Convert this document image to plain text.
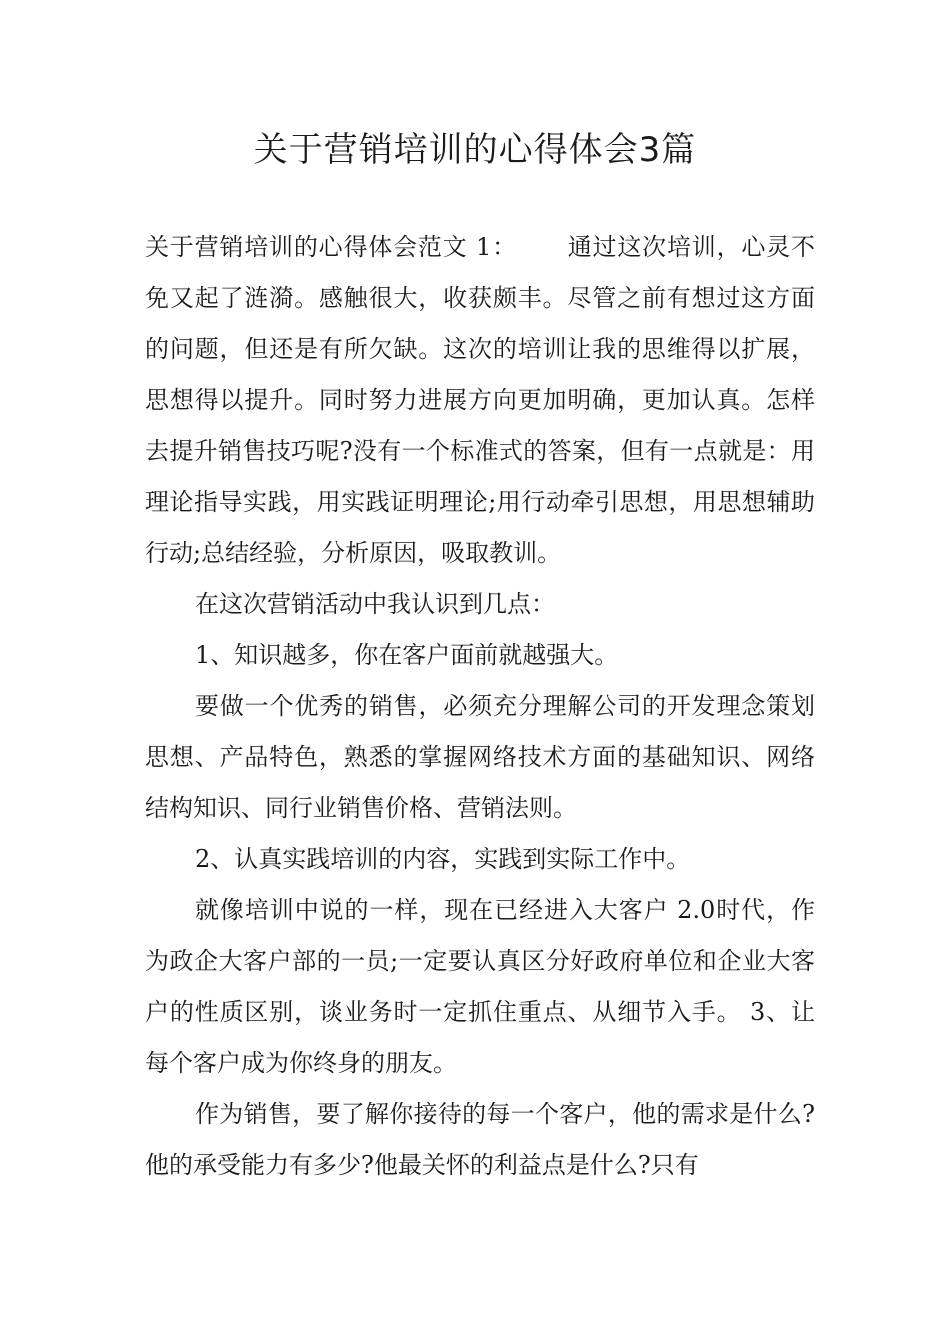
关于营销培训的心得体会3篇

关于营销培训的心得体会范文 1： 通过这次培训，心灵不免又起了涟漪。感触很大，收获颇丰。尽管之前有想过这方面的问题，但还是有所欠缺。这次的培训让我的思维得以扩展，思想得以提升。同时努力进展方向更加明确，更加认真。怎样去提升销售技巧呢?没有一个标准式的答案，但有一点就是：用理论指导实践，用实践证明理论;用行动牵引思想，用思想辅助行动;总结经验，分析原因，吸取教训。

在这次营销活动中我认识到几点：

1、知识越多，你在客户面前就越强大。

要做一个优秀的销售，必须充分理解公司的开发理念策划思想、产品特色，熟悉的掌握网络技术方面的基础知识、网络结构知识、同行业销售价格、营销法则。

2、认真实践培训的内容，实践到实际工作中。

就像培训中说的一样，现在已经进入大客户 2.0时代，作为政企大客户部的一员;一定要认真区分好政府单位和企业大客户的性质区别，谈业务时一定抓住重点、从细节入手。 3、让每个客户成为你终身的朋友。

作为销售，要了解你接待的每一个客户，他的需求是什么?他的承受能力有多少?他最关怀的利益点是什么?只有
